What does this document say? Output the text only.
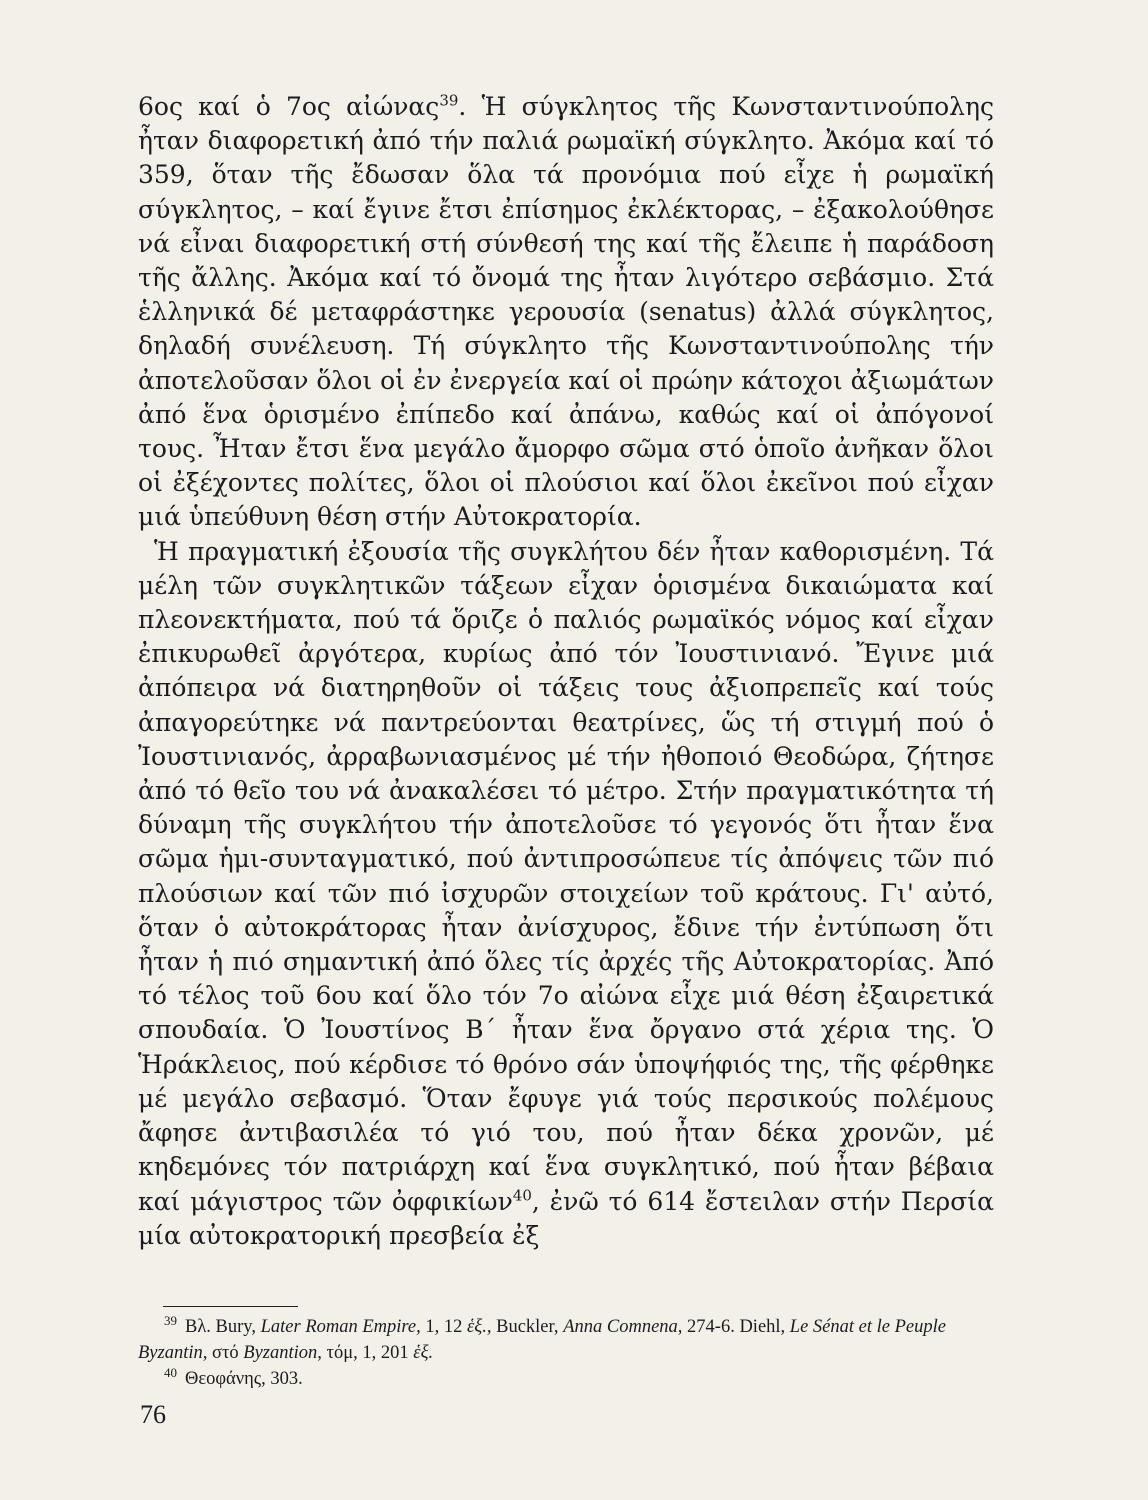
6ος καί ὁ 7ος αἰώνας$^{39}$. Ἡ σύγκλητος τῆς Κωνσταντινούπολης ἦταν διαφορετική ἀπό τήν παλιά ρωμαϊκή σύγκλητο. Ἀκόμα καί τό 359, ὅταν τῆς ἔδωσαν ὅλα τά προνόμια πού εἶχε ἡ ρωμαϊκή σύγκλητος, – καί ἔγινε ἔτσι ἐπίσημος ἐκλέκτορας, – ἐξακολούθησε νά εἶναι διαφορετική στή σύνθεσή της καί τῆς ἔλειπε ἡ παράδοση τῆς ἄλλης. Ἀκόμα καί τό ὄνομά της ἦταν λιγότερο σεβάσμιο. Στά ἑλληνικά δέ μεταφράστηκε γερουσία (senatus) ἀλλά σύγκλητος, δηλαδή συνέλευση. Τή σύγκλητο τῆς Κωνσταντινούπολης τήν ἀποτελοῦσαν ὅλοι οἱ ἐν ἐνεργεία καί οἱ πρώην κάτοχοι ἀξιωμάτων ἀπό ἕνα ὁρισμένο ἐπίπεδο καί ἀπάνω, καθώς καί οἱ ἀπόγονοί τους. Ἦταν ἔτσι ἕνα μεγάλο ἄμορφο σῶμα στό ὁποῖο ἀνῆκαν ὅλοι οἱ ἐξέχοντες πολίτες, ὅλοι οἱ πλούσιοι καί ὅλοι ἐκεῖνοι πού εἶχαν μιά ὑπεύθυνη θέση στήν Αὐτοκρατορία.

Ἡ πραγματική ἐξουσία τῆς συγκλήτου δέν ἦταν καθορισμένη. Τά μέλη τῶν συγκλητικῶν τάξεων εἶχαν ὁρισμένα δικαιώματα καί πλεονεκτήματα, πού τά ὅριζε ὁ παλιός ρωμαϊκός νόμος καί εἶχαν ἐπικυρωθεῖ ἀργότερα, κυρίως ἀπό τόν Ἰουστινιανό. Ἔγινε μιά ἀπόπειρα νά διατηρηθοῦν οἱ τάξεις τους ἀξιοπρεπεῖς καί τούς ἀπαγορεύτηκε νά παντρεύονται θεατρίνες, ὥς τή στιγμή πού ὁ Ἰουστινιανός, ἀρραβωνιασμένος μέ τήν ἠθοποιό Θεοδώρα, ζήτησε ἀπό τό θεῖο του νά ἀνακαλέσει τό μέτρο. Στήν πραγματικότητα τή δύναμη τῆς συγκλήτου τήν ἀποτελοῦσε τό γεγονός ὅτι ἦταν ἕνα σῶμα ἡμι-συνταγματικό, πού ἀντιπροσώπευε τίς ἀπόψεις τῶν πιό πλούσιων καί τῶν πιό ἰσχυρῶν στοιχείων τοῦ κράτους. Γι' αὐτό, ὅταν ὁ αὐτοκράτορας ἦταν ἀνίσχυρος, ἔδινε τήν ἐντύπωση ὅτι ἦταν ἡ πιό σημαντική ἀπό ὅλες τίς ἀρχές τῆς Αὐτοκρατορίας. Ἀπό τό τέλος τοῦ 6ου καί ὅλο τόν 7ο αἰώνα εἶχε μιά θέση ἐξαιρετικά σπουδαία. Ὁ Ἰουστίνος Β΄ ἦταν ἕνα ὄργανο στά χέρια της. Ὁ Ἡράκλειος, πού κέρδισε τό θρόνο σάν ὑποψήφιός της, τῆς φέρθηκε μέ μεγάλο σεβασμό. Ὅταν ἔφυγε γιά τούς περσικούς πολέμους ἄφησε ἀντιβασιλέα τό γιό του, πού ἦταν δέκα χρονῶν, μέ κηδεμόνες τόν πατριάρχη καί ἕνα συγκλητικό, πού ἦταν βέβαια καί μάγιστρος τῶν ὀφφικίων$^{40}$, ἐνῶ τό 614 ἔστειλαν στήν Περσία μία αὐτοκρατορική πρεσβεία ἐξ

$^{39}$ Βλ. Bury, Later Roman Empire, 1, 12 ἑξ., Buckler, Anna Comnena, 274-6. Diehl, Le Sénat et le Peuple Byzantin, στό Byzantion, τόμ, 1, 201 ἑξ.

$^{40}$ Θεοφάνης, 303.

76
